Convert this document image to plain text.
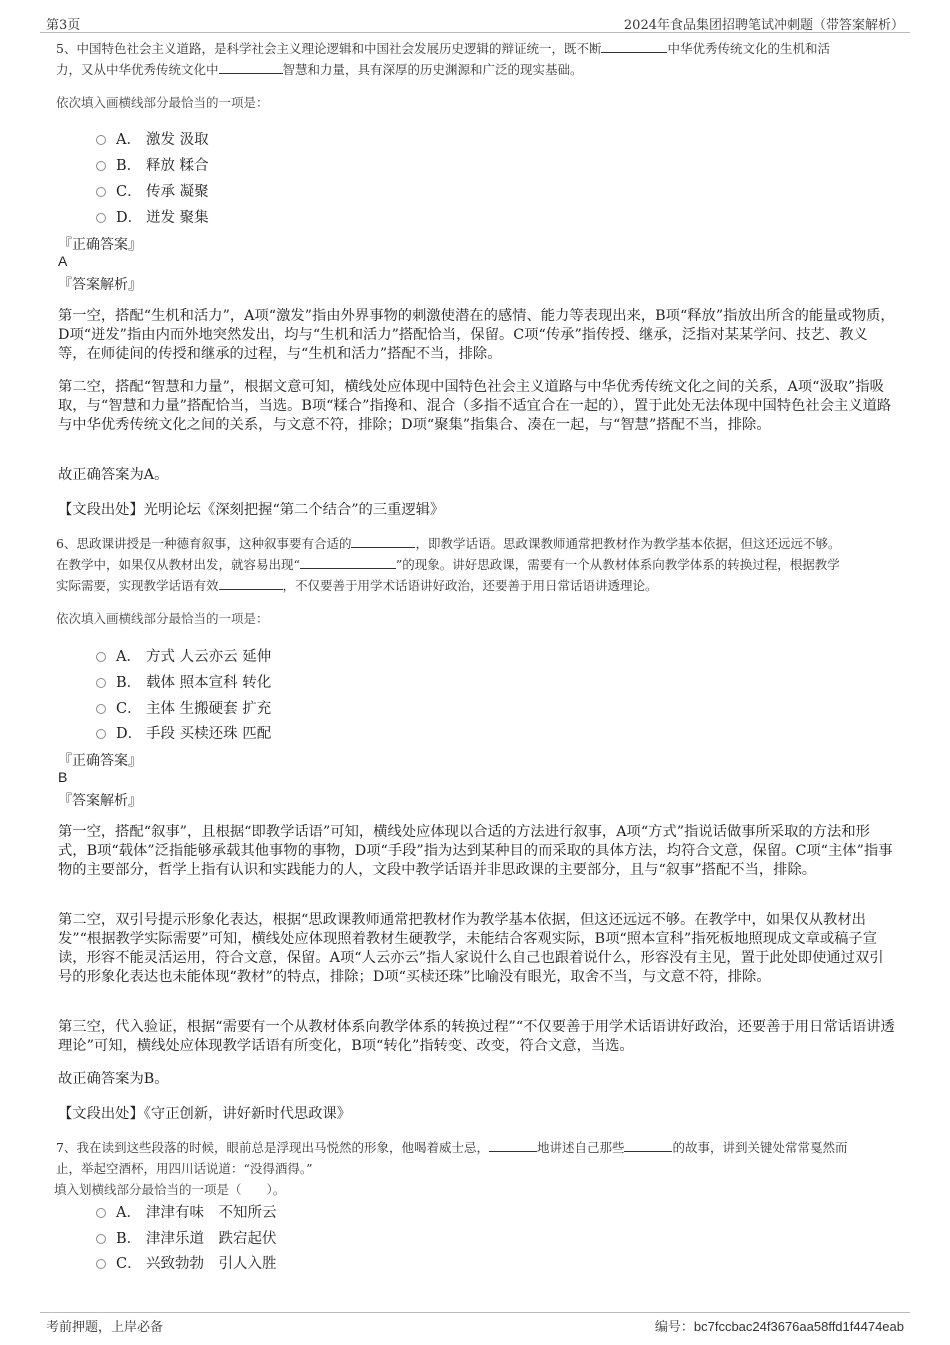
第3页	2024年食品集团招聘笔试冲刺题（带答案解析）
5、中国特色社会主义道路，是科学社会主义理论逻辑和中国社会发展历史逻辑的辩证统一，既不断	中华优秀传统文化的生机和活
力，又从中华优秀传统文化中	智慧和力量，具有深厚的历史渊源和广泛的现实基础。
依次填入画横线部分最恰当的一项是：
A． 激发 汲取
B． 释放 糅合
C． 传承 凝聚
D． 迸发 聚集
『正确答案』
A
『答案解析』
第一空，搭配“生机和活力”，A项“激发”指由外界事物的刺激使潜在的感情、能力等表现出来，B项“释放”指放出所含的能量或物质，D项“迸发”指由内而外地突然发出，均与“生机和活力”搭配恰当，保留。C项“传承”指传授、继承，泛指对某某学问、技艺、教义等，在师徒间的传授和继承的过程，与“生机和活力”搭配不当，排除。
第二空，搭配“智慧和力量”，根据文意可知，横线处应体现中国特色社会主义道路与中华优秀传统文化之间的关系，A项“汲取”指吸取，与“智慧和力量”搭配恰当，当选。B项“糅合”指搀和、混合（多指不适宜合在一起的），置于此处无法体现中国特色社会主义道路与中华优秀传统文化之间的关系，与文意不符，排除；D项“聚集”指集合、凑在一起，与“智慧”搭配不当，排除。
故正确答案为A。
【文段出处】光明论坛《深刻把握“第二个结合”的三重逻辑》
6、思政课讲授是一种德育叙事，这种叙事要有合适的	，即教学话语。思政课教师通常把教材作为教学基本依据，但这还远远不够。
在教学中，如果仅从教材出发，就容易出现“	”的现象。讲好思政课，需要有一个从教材体系向教学体系的转换过程，根据教学
实际需要，实现教学话语有效	，不仅要善于用学术话语讲好政治，还要善于用日常话语讲透理论。
依次填入画横线部分最恰当的一项是：
A． 方式 人云亦云 延伸
B． 载体 照本宣科 转化
C． 主体 生搬硬套 扩充
D． 手段 买椟还珠 匹配
『正确答案』
B
『答案解析』
第一空，搭配“叙事”，且根据“即教学话语”可知，横线处应体现以合适的方法进行叙事，A项“方式”指说话做事所采取的方法和形式，B项“载体”泛指能够承载其他事物的事物，D项“手段”指为达到某种目的而采取的具体方法，均符合文意，保留。C项“主体”指事物的主要部分，哲学上指有认识和实践能力的人，文段中教学话语并非思政课的主要部分，且与“叙事”搭配不当，排除。
第二空，双引号提示形象化表达，根据“思政课教师通常把教材作为教学基本依据，但这还远远不够。在教学中，如果仅从教材出发”“根据教学实际需要”可知，横线处应体现照着教材生硬教学，未能结合客观实际，B项“照本宣科”指死板地照现成文章或稿子宣读，形容不能灵活运用，符合文意，保留。A项“人云亦云”指人家说什么自己也跟着说什么，形容没有主见，置于此处即使通过双引号的形象化表达也未能体现“教材”的特点，排除；D项“买椟还珠”比喻没有眼光，取舍不当，与文意不符，排除。
第三空，代入验证，根据“需要有一个从教材体系向教学体系的转换过程”“不仅要善于用学术话语讲好政治，还要善于用日常话语讲透理论”可知，横线处应体现教学话语有所变化，B项“转化”指转变、改变，符合文意，当选。
故正确答案为B。
【文段出处】《守正创新，讲好新时代思政课》
7、我在读到这些段落的时候，眼前总是浮现出马悦然的形象，他喝着威士忌，	地讲述自己那些	的故事，讲到关键处常常戛然而
止，举起空酒杯，用四川话说道：“没得酒得。”
填入划横线部分最恰当的一项是（　　）。
A． 津津有味　不知所云
B． 津津乐道　跌宕起伏
C． 兴致勃勃　引人入胜
考前押题，上岸必备	编号：bc7fccbac24f3676aa58ffd1f4474eab
